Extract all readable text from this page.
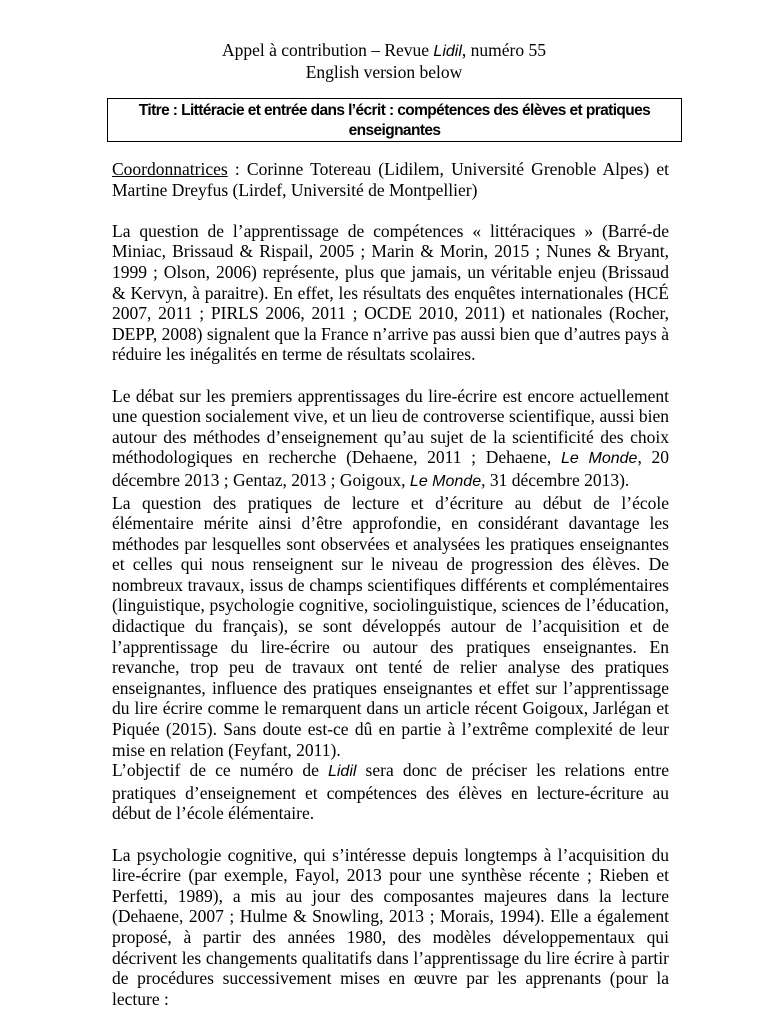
Appel à contribution – Revue Lidil, numéro 55
English version below
Titre : Littéracie et entrée dans l’écrit : compétences des élèves et pratiques enseignantes

Coordonnatrices : Corinne Totereau (Lidilem, Université Grenoble Alpes) et Martine Dreyfus (Lirdef, Université de Montpellier)

La question de l’apprentissage de compétences « littéraciques » (Barré-de Miniac, Brissaud & Rispail, 2005 ; Marin & Morin, 2015 ; Nunes & Bryant, 1999 ; Olson, 2006) représente, plus que jamais, un véritable enjeu (Brissaud & Kervyn, à paraitre). En effet, les résultats des enquêtes internationales (HCÉ 2007, 2011 ; PIRLS 2006, 2011 ; OCDE 2010, 2011) et nationales (Rocher, DEPP, 2008) signalent que la France n’arrive pas aussi bien que d’autres pays à réduire les inégalités en terme de résultats scolaires.

Le débat sur les premiers apprentissages du lire-écrire est encore actuellement une question socialement vive, et un lieu de controverse scientifique, aussi bien autour des méthodes d’enseignement qu’au sujet de la scientificité des choix méthodologiques en recherche (Dehaene, 2011 ; Dehaene, Le Monde, 20 décembre 2013 ; Gentaz, 2013 ; Goigoux, Le Monde, 31 décembre 2013).

La question des pratiques de lecture et d’écriture au début de l’école élémentaire mérite ainsi d’être approfondie, en considérant davantage les méthodes par lesquelles sont observées et analysées les pratiques enseignantes et celles qui nous renseignent sur le niveau de progression des élèves. De nombreux travaux, issus de champs scientifiques différents et complémentaires (linguistique, psychologie cognitive, sociolinguistique, sciences de l’éducation, didactique du français), se sont développés autour de l’acquisition et de l’apprentissage du lire-écrire ou autour des pratiques enseignantes. En revanche, trop peu de travaux ont tenté de relier analyse des pratiques enseignantes, influence des pratiques enseignantes et effet sur l’apprentissage du lire écrire comme le remarquent dans un article récent Goigoux, Jarlégan et Piquée (2015). Sans doute est-ce dû en partie à l’extrême complexité de leur mise en relation (Feyfant, 2011).

L’objectif de ce numéro de Lidil sera donc de préciser les relations entre pratiques d’enseignement et compétences des élèves en lecture-écriture au début de l’école élémentaire.

La psychologie cognitive, qui s’intéresse depuis longtemps à l’acquisition du lire-écrire (par exemple, Fayol, 2013 pour une synthèse récente ; Rieben et Perfetti, 1989), a mis au jour des composantes majeures dans la lecture (Dehaene, 2007 ; Hulme & Snowling, 2013 ; Morais, 1994). Elle a également proposé, à partir des années 1980, des modèles développementaux qui décrivent les changements qualitatifs dans l’apprentissage du lire écrire à partir de procédures successivement mises en œuvre par les apprenants (pour la lecture :
